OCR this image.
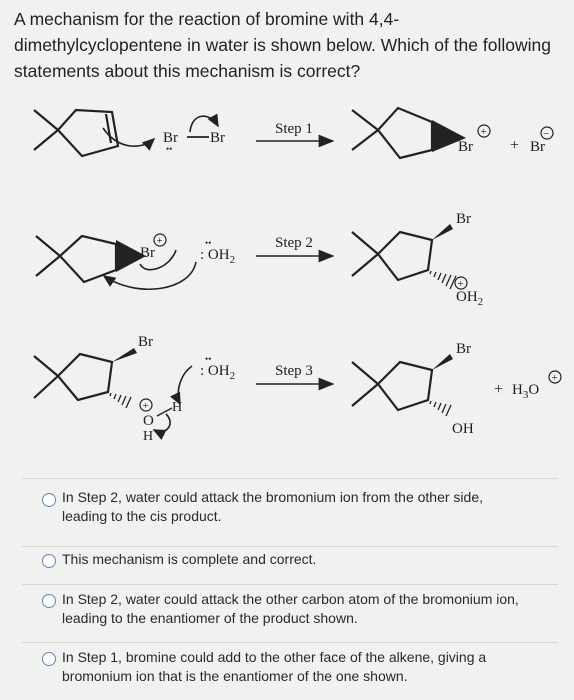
A mechanism for the reaction of bromine with 4,4-dimethylcyclopentene in water is shown below. Which of the following statements about this mechanism is correct?
Br
••
Br
Step 1
Br
+
+ Br
−
Br
+	••
: $OH_2$
Step 2
Br
+
$OH_2$
Br
+
O
H
H
••
: $OH_2$	Step 3
Br
OH
+ $H_3O$
+
In Step 2, water could attack the bromonium ion from the other side, leading to the cis product.
This mechanism is complete and correct.
In Step 2, water could attack the other carbon atom of the bromonium ion, leading to the enantiomer of the product shown.
In Step 1, bromine could add to the other face of the alkene, giving a bromonium ion that is the enantiomer of the one shown.
